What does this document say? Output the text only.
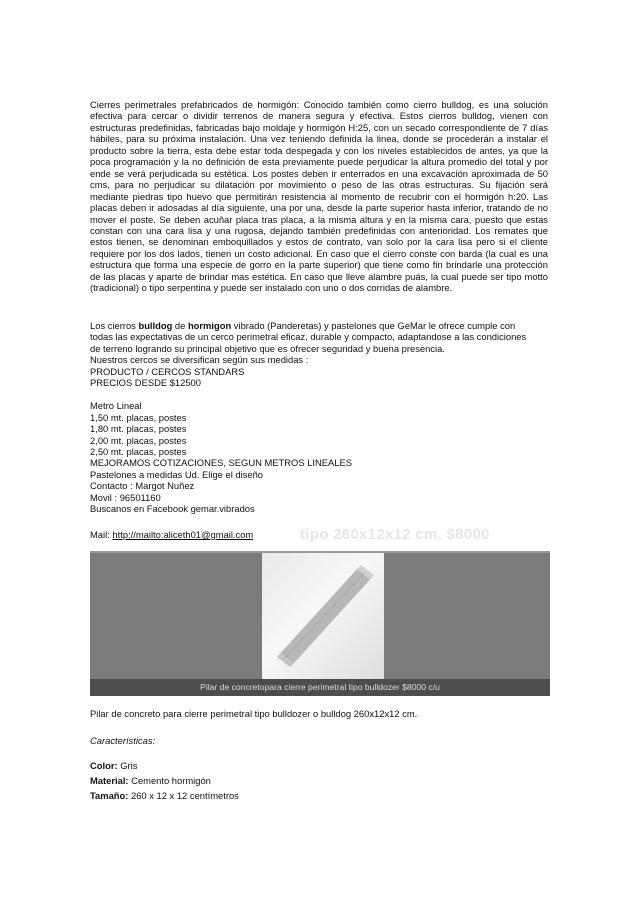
Cierres perimetrales prefabricados de hormigón: Conocido también como cierro bulldog, es una solución efectiva para cercar o dividir terrenos de manera segura y efectiva. Estos cierros bulldog, vienen con estructuras predefinidas, fabricadas bajo moldaje y hormigón H:25, con un secado correspondiente de 7 días hábiles, para su próxima instalación. Una vez teniendo definida la linea, donde se procederán a instalar el producto sobre la tierra, esta debe estar toda despegada y con los niveles establecidos de antes, ya que la poca programación y la no definición de esta previamente puede perjudicar la altura promedio del total y por ende se verá perjudicada su estética. Los postes deben ir enterrados en una excavación aproximada de 50 cms, para no perjudicar su dilatación por movimiento o peso de las otras estructuras. Su fijación será mediante piedras tipo huevo que permitirán resistencia al momento de recubrir con el hormigón h:20. Las placas deben ir adosadas al día siguiente, una por una, desde la parte superior hasta inferior, tratando de no mover el poste. Se deben acuñar placa tras placa, a la misma altura y en la misma cara, puesto que estas constan con una cara lisa y una rugosa, dejando también predefinidas con anterioridad. Los remates que estos tienen, se denominan emboquillados y estos de contrato, van solo por la cara lisa pero si el cliente requiere por los dos lados, tienen un costo adicional. En caso que el cierro conste con barda (la cual es una estructura que forma una especie de gorro en la parte superior) que tiene como fin brindarle una protección de las placas y aparte de brindar mas estética. En caso que lleve alambre puás, la cual puede ser tipo motto (tradicional) o tipo serpentina y puede ser instalado con uno o dos corridas de alambre.

Los cierros bulldog de hormigon vibrado (Panderetas) y pastelones que GeMar le ofrece cumple con
todas las expectativas de un cerco perimetral eficaz, durable y compacto, adaptandose a las condiciones
de terreno logrando su principal objetivo que es ofrecer seguridad y buena presencia.
Nuestros cercos se diversifican según sus medidas :
PRODUCTO / CERCOS STANDARS
PRECIOS DESDE $12500
Metro Lineal
1,50 mt. placas, postes
1,80 mt. placas, postes
2,00 mt. placas, postes
2,50 mt. placas, postes
MEJORAMOS COTIZACIONES, SEGUN METROS LINEALES
Pastelones a medidas Ud. Elige el diseño
Contacto : Margot Nuñez
Movil : 96501160
Buscanos en Facebook gemar.vibrados
tipo 260x12x12 cm. $8000
Mail: http://mailto:aliceth01@gmail.com
Pilar de concretopara cierre perimetral tipo bulldozer $8000 c/u

Pilar de concreto para cierre perimetral tipo bulldozer o bulldog 260x12x12 cm.

Características:

Color: Gris

Material: Cemento hormigón

Tamaño: 260 x 12 x 12 centímetros
